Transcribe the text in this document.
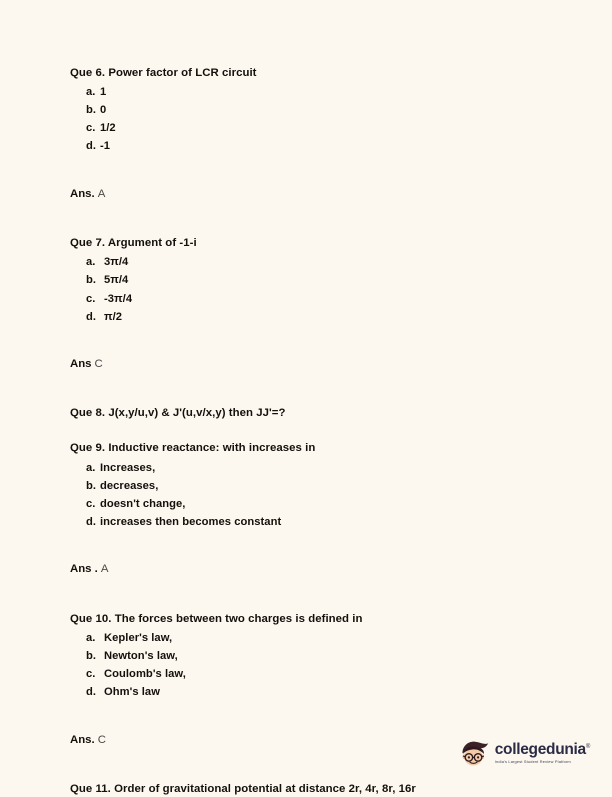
Que 6. Power factor of LCR circuit

a. 1
b. 0
c. 1/2
d. -1

Ans. A

Que 7. Argument of -1-i

a. 3π/4
b. 5π/4
c. -3π/4
d. π/2

Ans C

Que 8. J(x,y/u,v) & J'(u,v/x,y) then JJ'=?

Que 9. Inductive reactance: with increases in

a. Increases,
b. decreases,
c. doesn't change,
d. increases then becomes constant

Ans . A

Que 10. The forces between two charges is defined in

a. Kepler's law,
b. Newton's law,
c. Coulomb's law,
d. Ohm's law

Ans. C

Que 11. Order of gravitational potential at distance 2r, 4r, 8r, 16r

collegedunia®
India's Largest Student Review Platform
